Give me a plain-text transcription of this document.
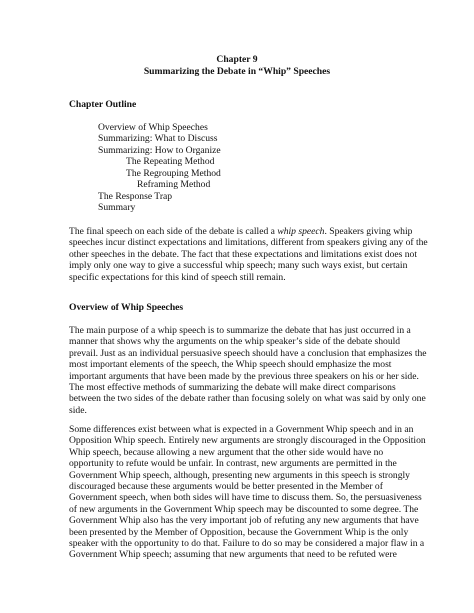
Chapter 9
Summarizing the Debate in “Whip” Speeches
Chapter Outline
Overview of Whip Speeches
Summarizing: What to Discuss
Summarizing: How to Organize
The Repeating Method
The Regrouping Method
Reframing Method
The Response Trap
Summary
The final speech on each side of the debate is called a whip speech. Speakers giving whip
speeches incur distinct expectations and limitations, different from speakers giving any of the
other speeches in the debate. The fact that these expectations and limitations exist does not
imply only one way to give a successful whip speech; many such ways exist, but certain
specific expectations for this kind of speech still remain.
Overview of Whip Speeches
The main purpose of a whip speech is to summarize the debate that has just occurred in a
manner that shows why the arguments on the whip speaker’s side of the debate should
prevail. Just as an individual persuasive speech should have a conclusion that emphasizes the
most important elements of the speech, the Whip speech should emphasize the most
important arguments that have been made by the previous three speakers on his or her side.
The most effective methods of summarizing the debate will make direct comparisons
between the two sides of the debate rather than focusing solely on what was said by only one
side.
Some differences exist between what is expected in a Government Whip speech and in an
Opposition Whip speech. Entirely new arguments are strongly discouraged in the Opposition
Whip speech, because allowing a new argument that the other side would have no
opportunity to refute would be unfair. In contrast, new arguments are permitted in the
Government Whip speech, although, presenting new arguments in this speech is strongly
discouraged because these arguments would be better presented in the Member of
Government speech, when both sides will have time to discuss them. So, the persuasiveness
of new arguments in the Government Whip speech may be discounted to some degree. The
Government Whip also has the very important job of refuting any new arguments that have
been presented by the Member of Opposition, because the Government Whip is the only
speaker with the opportunity to do that. Failure to do so may be considered a major flaw in a
Government Whip speech; assuming that new arguments that need to be refuted were
